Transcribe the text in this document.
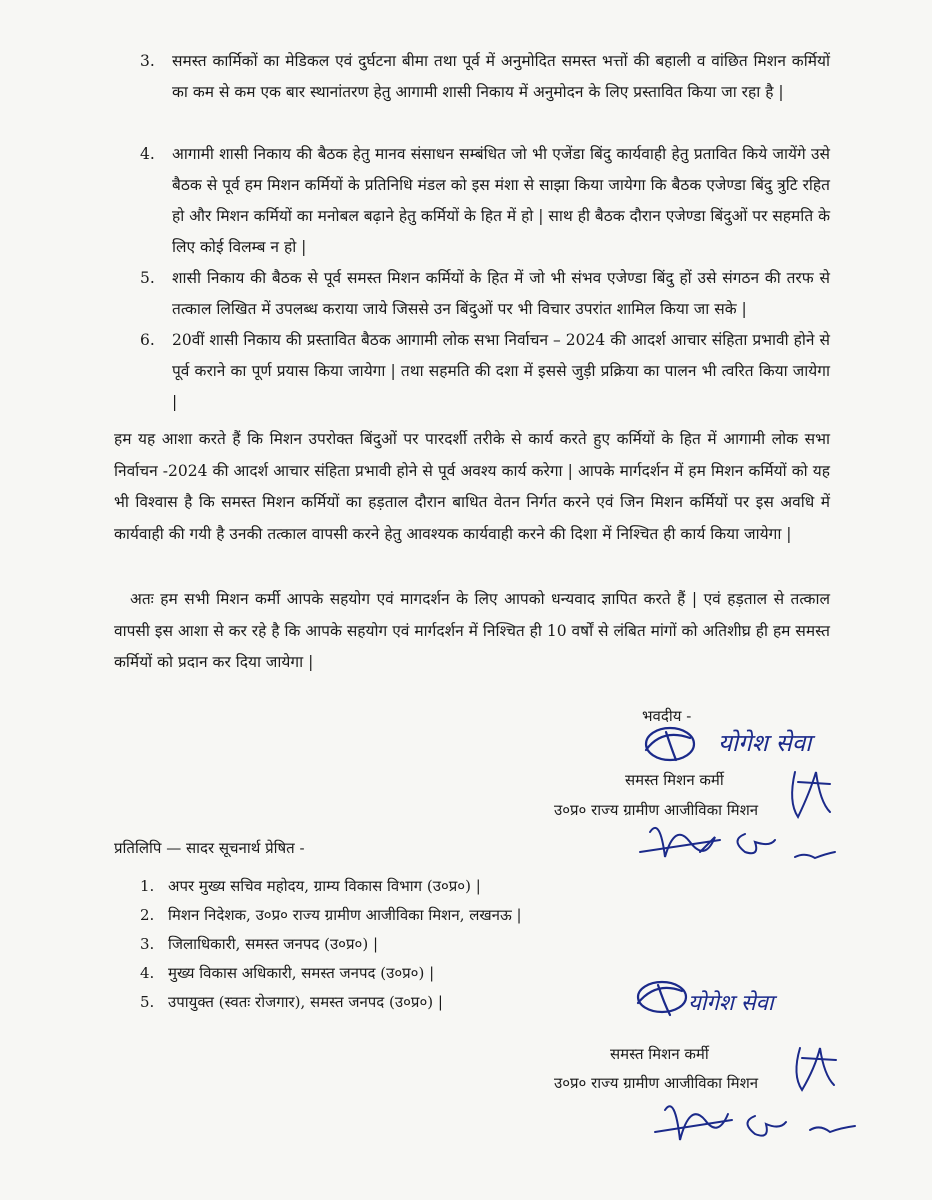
3.	समस्त कार्मिकों का मेडिकल एवं दुर्घटना बीमा तथा पूर्व में अनुमोदित समस्त भत्तों की बहाली व वांछित मिशन कर्मियों का कम से कम एक बार स्थानांतरण हेतु आगामी शासी निकाय में अनुमोदन के लिए प्रस्तावित किया जा रहा है |
4.	आगामी शासी निकाय की बैठक हेतु मानव संसाधन सम्बंधित जो भी एजेंडा बिंदु कार्यवाही हेतु प्रतावित किये जायेंगे उसे बैठक से पूर्व हम मिशन कर्मियों के प्रतिनिधि मंडल को इस मंशा से साझा किया जायेगा कि बैठक एजेण्डा बिंदु त्रुटि रहित हो और मिशन कर्मियों का मनोबल बढ़ाने हेतु कर्मियों के हित में हो | साथ ही बैठक दौरान एजेण्डा बिंदुओं पर सहमति के लिए कोई विलम्ब न हो |
5.	शासी निकाय की बैठक से पूर्व समस्त मिशन कर्मियों के हित में जो भी संभव एजेण्डा बिंदु हों उसे संगठन की तरफ से तत्काल लिखित में उपलब्ध कराया जाये जिससे उन बिंदुओं पर भी विचार उपरांत शामिल किया जा सके |
6.	20वीं शासी निकाय की प्रस्तावित बैठक आगामी लोक सभा निर्वाचन – 2024 की आदर्श आचार संहिता प्रभावी होने से पूर्व कराने का पूर्ण प्रयास किया जायेगा | तथा सहमति की दशा में इससे जुड़ी प्रक्रिया का पालन भी त्वरित किया जायेगा |
हम यह आशा करते हैं कि मिशन उपरोक्त बिंदुओं पर पारदर्शी तरीके से कार्य करते हुए कर्मियों के हित में आगामी लोक सभा निर्वाचन -2024 की आदर्श आचार संहिता प्रभावी होने से पूर्व अवश्य कार्य करेगा | आपके मार्गदर्शन में हम मिशन कर्मियों को यह भी विश्वास है कि समस्त मिशन कर्मियों का हड़ताल दौरान बाधित वेतन निर्गत करने एवं जिन मिशन कर्मियों पर इस अवधि में कार्यवाही की गयी है उनकी तत्काल वापसी करने हेतु आवश्यक कार्यवाही करने की दिशा में निश्चित ही कार्य किया जायेगा |
अतः हम सभी मिशन कर्मी आपके सहयोग एवं मागदर्शन के लिए आपको धन्यवाद ज्ञापित करते हैं | एवं हड़ताल से तत्काल वापसी इस आशा से कर रहे है कि आपके सहयोग एवं मार्गदर्शन में निश्चित ही 10 वर्षों से लंबित मांगों को अतिशीघ्र ही हम समस्त कर्मियों को प्रदान कर दिया जायेगा |
भवदीय -
योगेश सेवा
समस्त मिशन कर्मी
उ०प्र० राज्य ग्रामीण आजीविका मिशन
प्रतिलिपि — सादर सूचनार्थ प्रेषित -
1. अपर मुख्य सचिव महोदय, ग्राम्य विकास विभाग (उ०प्र०) |
2. मिशन निदेशक, उ०प्र० राज्य ग्रामीण आजीविका मिशन, लखनऊ |
3. जिलाधिकारी, समस्त जनपद (उ०प्र०) |
4. मुख्य विकास अधिकारी, समस्त जनपद (उ०प्र०) |
5. उपायुक्त (स्वतः रोजगार), समस्त जनपद (उ०प्र०) |	योगेश सेवा
समस्त मिशन कर्मी
उ०प्र० राज्य ग्रामीण आजीविका मिशन
